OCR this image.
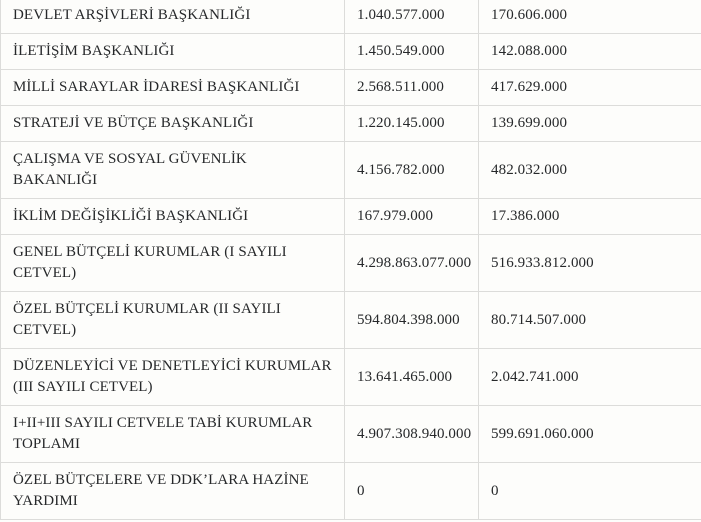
DEVLET ARŞİVLERİ BAŞKANLIĞI	1.040.577.000	170.606.000
İLETİŞİM BAŞKANLIĞI	1.450.549.000	142.088.000
MİLLİ SARAYLAR İDARESİ BAŞKANLIĞI	2.568.511.000	417.629.000
STRATEJİ VE BÜTÇE BAŞKANLIĞI	1.220.145.000	139.699.000
ÇALIŞMA VE SOSYAL GÜVENLİK BAKANLIĞI	4.156.782.000	482.032.000
İKLİM DEĞİŞİKLİĞİ BAŞKANLIĞI	167.979.000	17.386.000
GENEL BÜTÇELİ KURUMLAR (I SAYILI CETVEL)	4.298.863.077.000	516.933.812.000
ÖZEL BÜTÇELİ KURUMLAR (II SAYILI CETVEL)	594.804.398.000	80.714.507.000
DÜZENLEYİCİ VE DENETLEYİCİ KURUMLAR (III SAYILI CETVEL)	13.641.465.000	2.042.741.000
I+II+III SAYILI CETVELE TABİ KURUMLAR TOPLAMI	4.907.308.940.000	599.691.060.000
ÖZEL BÜTÇELERE VE DDK’LARA HAZİNE YARDIMI	0	0
